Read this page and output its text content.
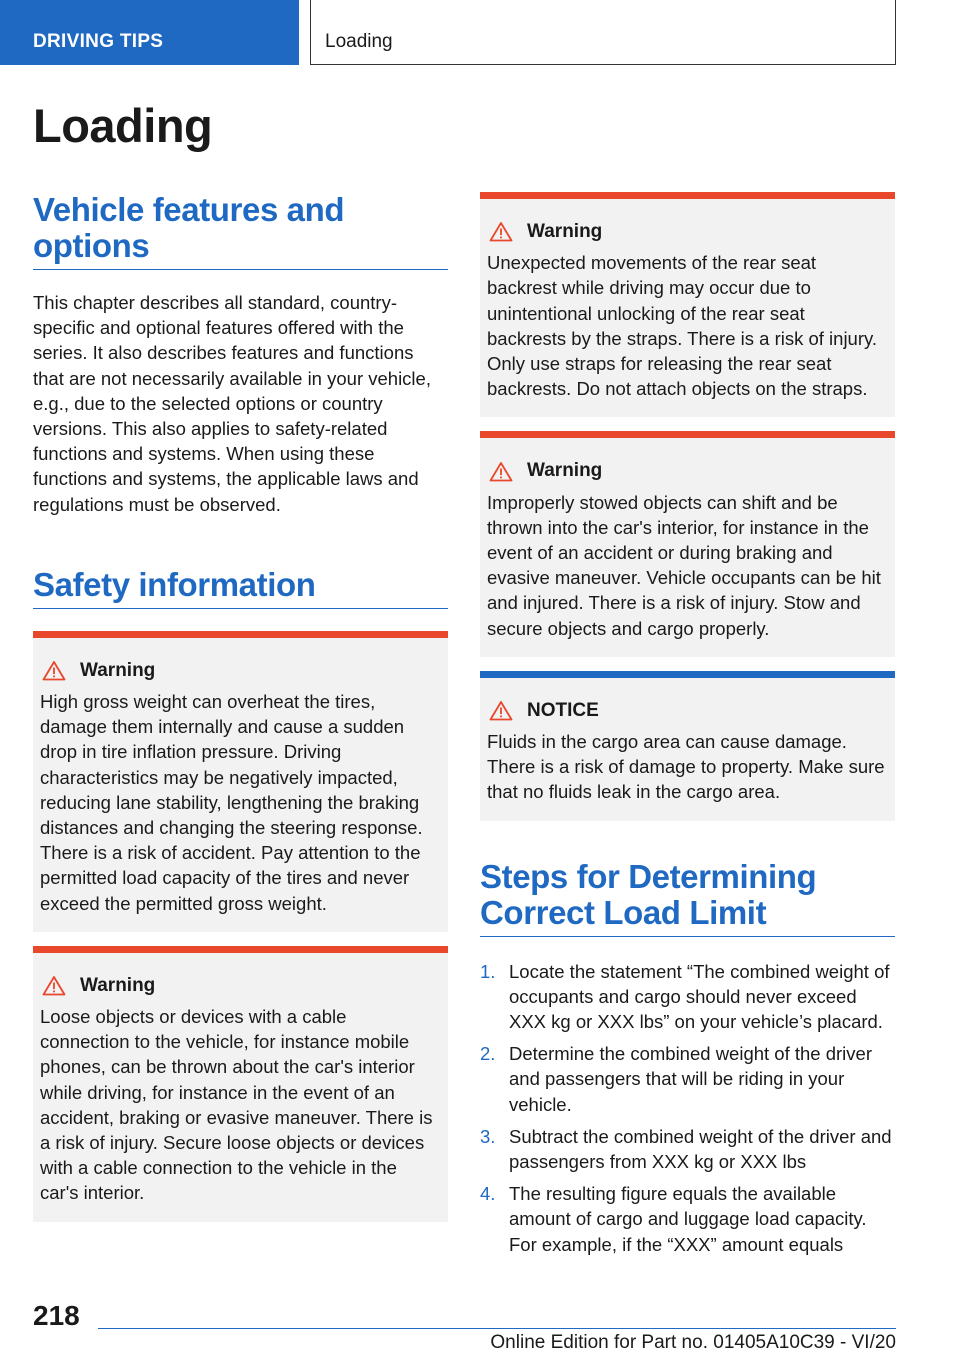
DRIVING TIPS	Loading
Loading
Vehicle features and options

This chapter describes all standard, country-specific and optional features offered with the series. It also describes features and functions that are not necessarily available in your vehicle, e.g., due to the selected options or country versions. This also applies to safety-related functions and systems. When using these functions and systems, the applicable laws and regulations must be observed.

Safety information
Warning

High gross weight can overheat the tires, damage them internally and cause a sudden drop in tire inflation pressure. Driving characteristics may be negatively impacted, reducing lane stability, lengthening the braking distances and changing the steering response. There is a risk of accident. Pay attention to the permitted load capacity of the tires and never exceed the permitted gross weight.

Warning

Loose objects or devices with a cable connection to the vehicle, for instance mobile phones, can be thrown about the car's interior while driving, for instance in the event of an accident, braking or evasive maneuver. There is a risk of injury. Secure loose objects or devices with a cable connection to the vehicle in the car's interior.

Warning

Unexpected movements of the rear seat backrest while driving may occur due to unintentional unlocking of the rear seat backrests by the straps. There is a risk of injury. Only use straps for releasing the rear seat backrests. Do not attach objects on the straps.

Warning

Improperly stowed objects can shift and be thrown into the car's interior, for instance in the event of an accident or during braking and evasive maneuver. Vehicle occupants can be hit and injured. There is a risk of injury. Stow and secure objects and cargo properly.

NOTICE

Fluids in the cargo area can cause damage. There is a risk of damage to property. Make sure that no fluids leak in the cargo area.

Steps for Determining Correct Load Limit
1. Locate the statement “The combined weight of occupants and cargo should never exceed XXX kg or XXX lbs” on your vehicle’s placard.
2. Determine the combined weight of the driver and passengers that will be riding in your vehicle.
3. Subtract the combined weight of the driver and passengers from XXX kg or XXX lbs
4. The resulting figure equals the available amount of cargo and luggage load capacity. For example, if the “XXX” amount equals
218
Online Edition for Part no. 01405A10C39 - VI/20
